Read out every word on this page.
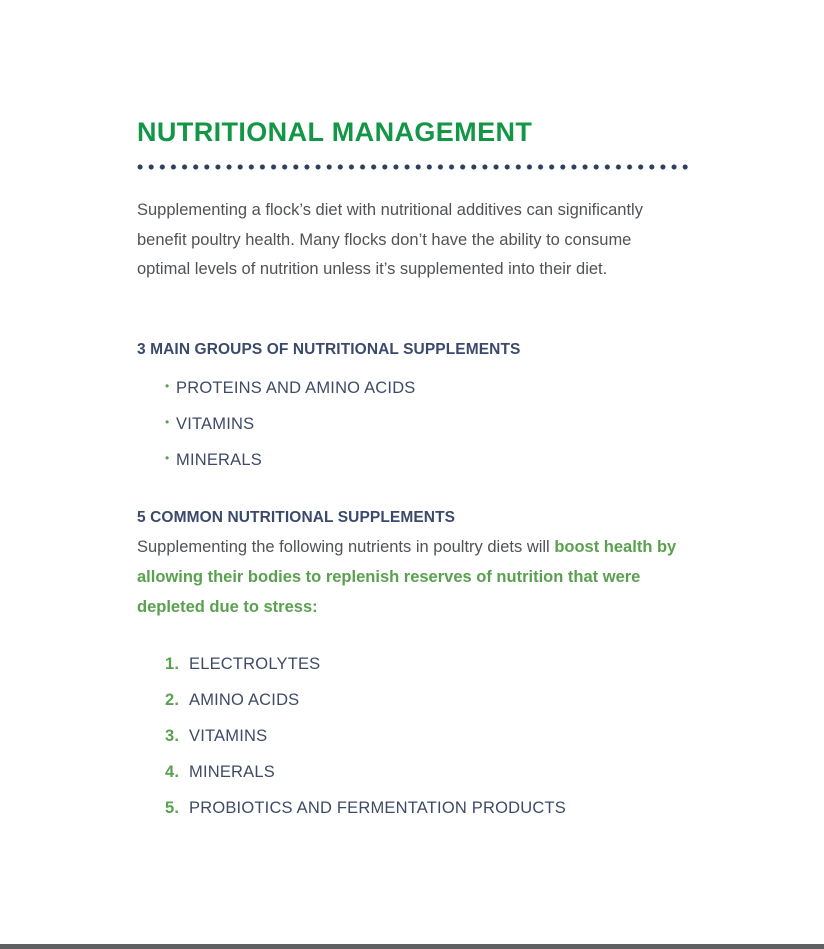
NUTRITIONAL MANAGEMENT

Supplementing a flock’s diet with nutritional additives can significantly benefit poultry health. Many flocks don’t have the ability to consume optimal levels of nutrition unless it’s supplemented into their diet.

3 MAIN GROUPS OF NUTRITIONAL SUPPLEMENTS
• PROTEINS AND AMINO ACIDS
• VITAMINS
• MINERALS
5 COMMON NUTRITIONAL SUPPLEMENTS

Supplementing the following nutrients in poultry diets will boost health by allowing their bodies to replenish reserves of nutrition that were depleted due to stress:

1. ELECTROLYTES
2. AMINO ACIDS
3. VITAMINS
4. MINERALS
5. PROBIOTICS AND FERMENTATION PRODUCTS
